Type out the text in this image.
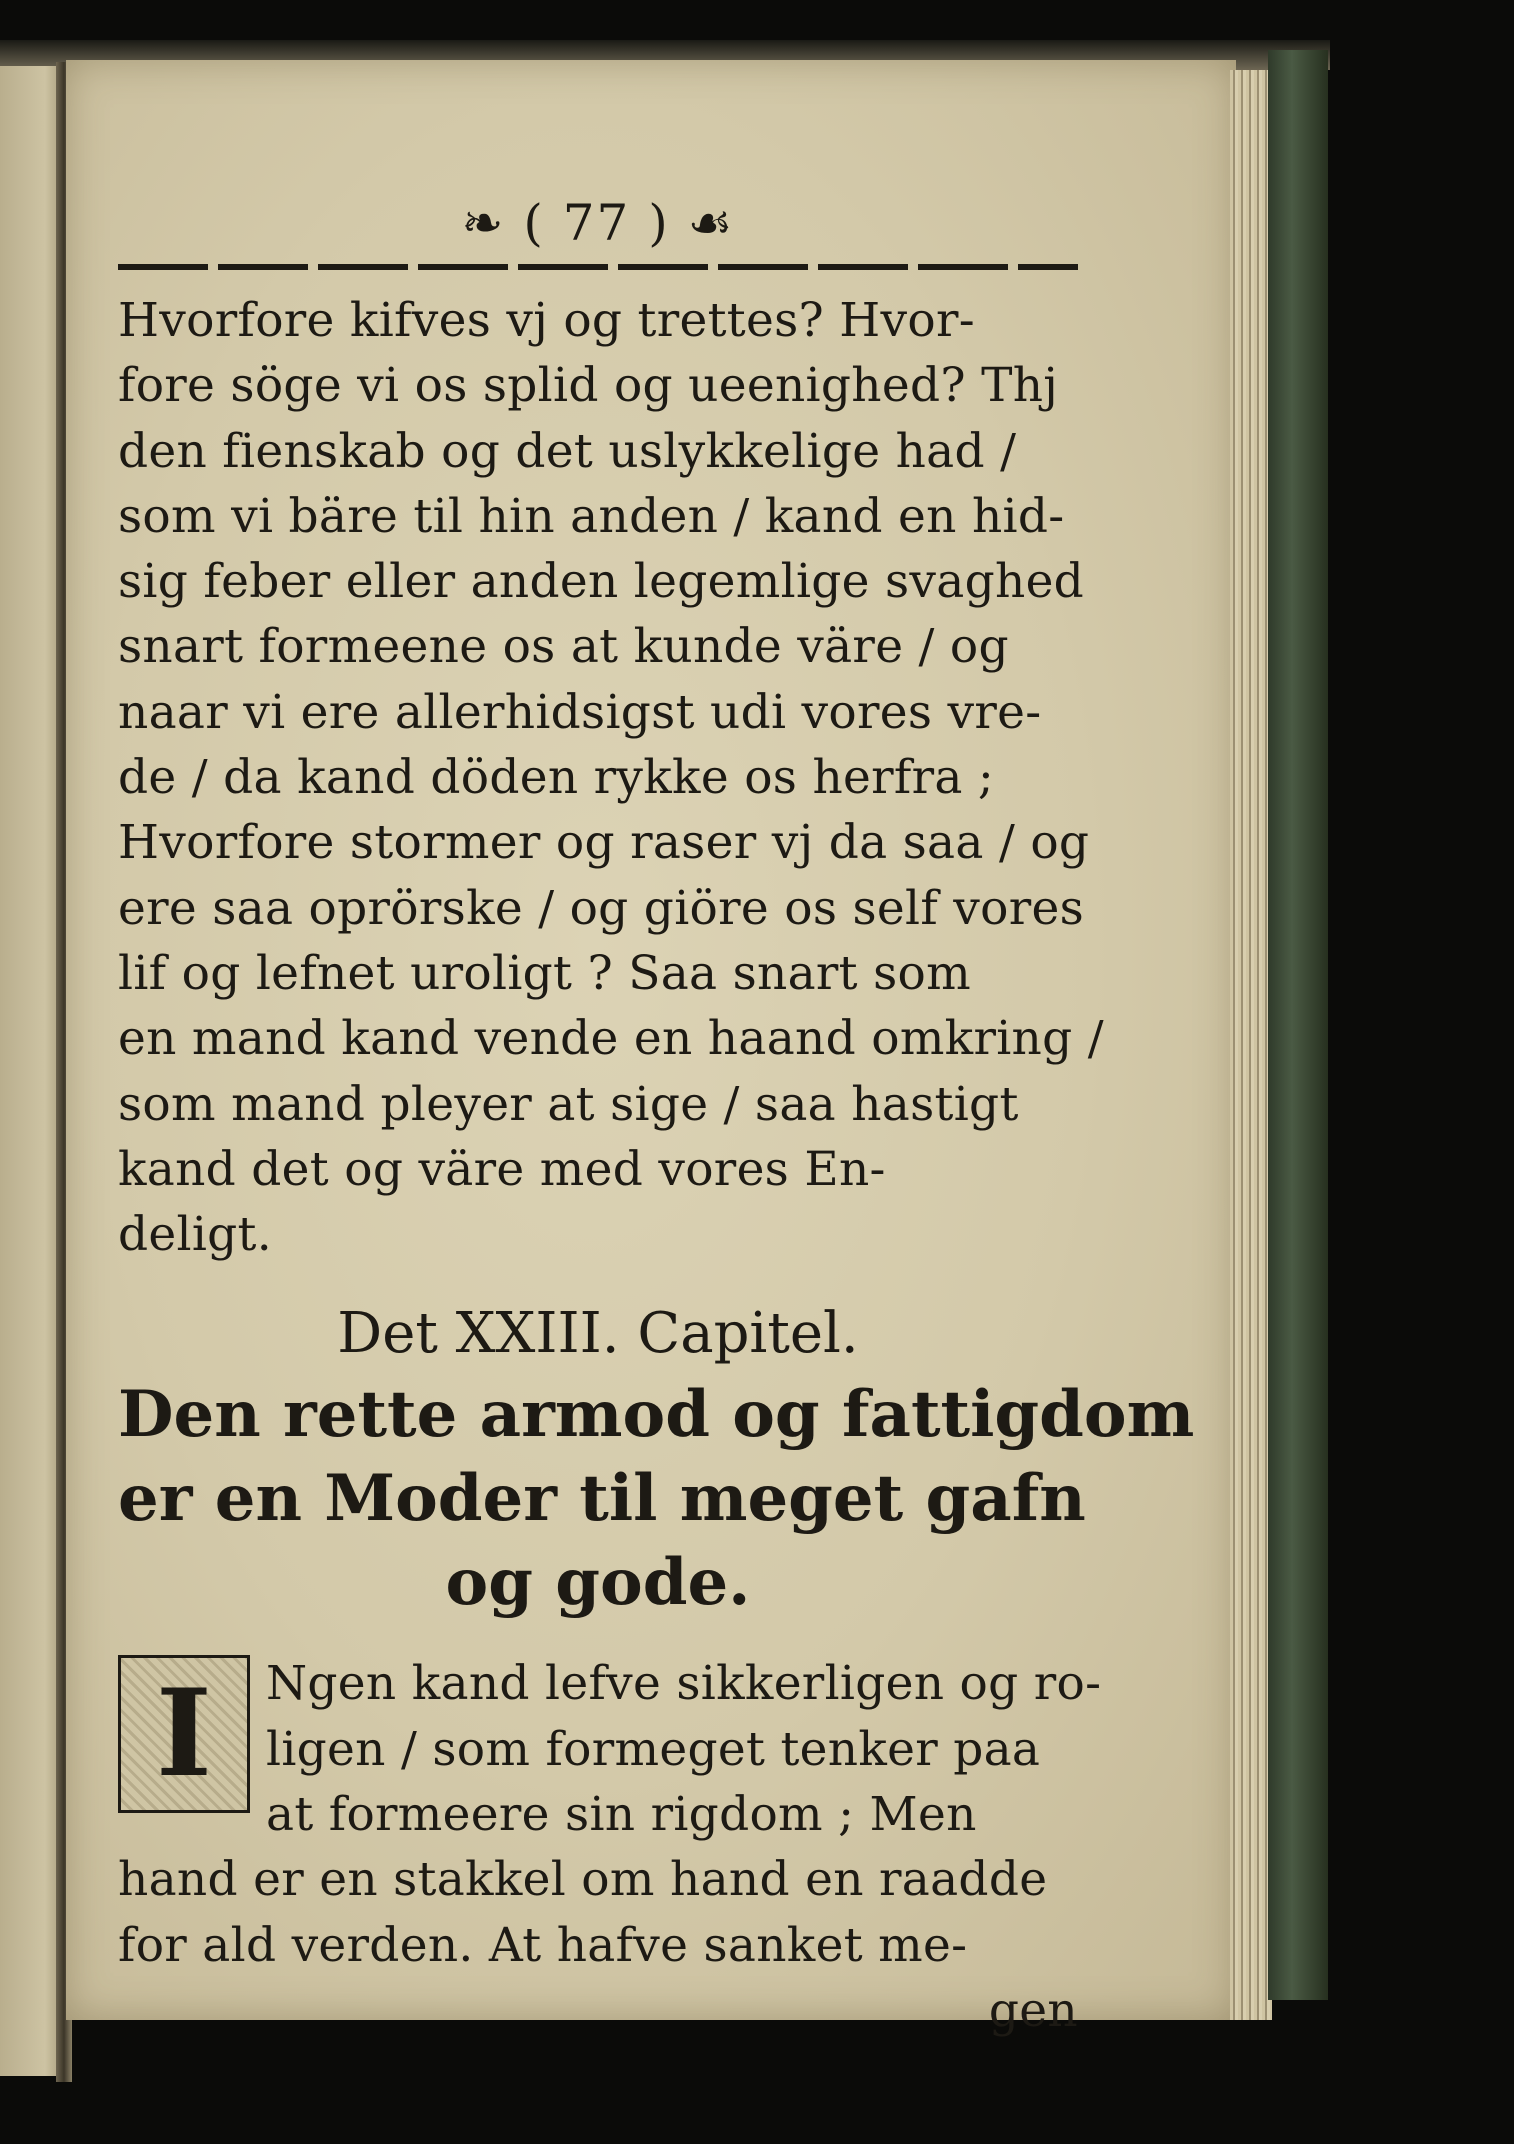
❧ ( 77 ) ☙
Hvorfore kifves vj og trettes? Hvor-
fore söge vi os splid og ueenighed? Thj
den fienskab og det uslykkelige had /
som vi bäre til hin anden / kand en hid-
sig feber eller anden legemlige svaghed
snart formeene os at kunde väre / og
naar vi ere allerhidsigst udi vores vre-
de / da kand döden rykke os herfra ;
Hvorfore stormer og raser vj da saa / og
ere saa oprörske / og giöre os self vores
lif og lefnet uroligt ? Saa snart som
en mand kand vende en haand omkring /
som mand pleyer at sige / saa hastigt
kand det og väre med vores En-
deligt.
Det XXIII. Capitel.
Den rette armod og fattigdom
er en Moder til meget gafn
og gode.
I	Ngen kand lefve sikkerligen og ro-
ligen / som formeget tenker paa
at formeere sin rigdom ; Men
hand er en stakkel om hand en raadde
for ald verden. At hafve sanket me-
gen
